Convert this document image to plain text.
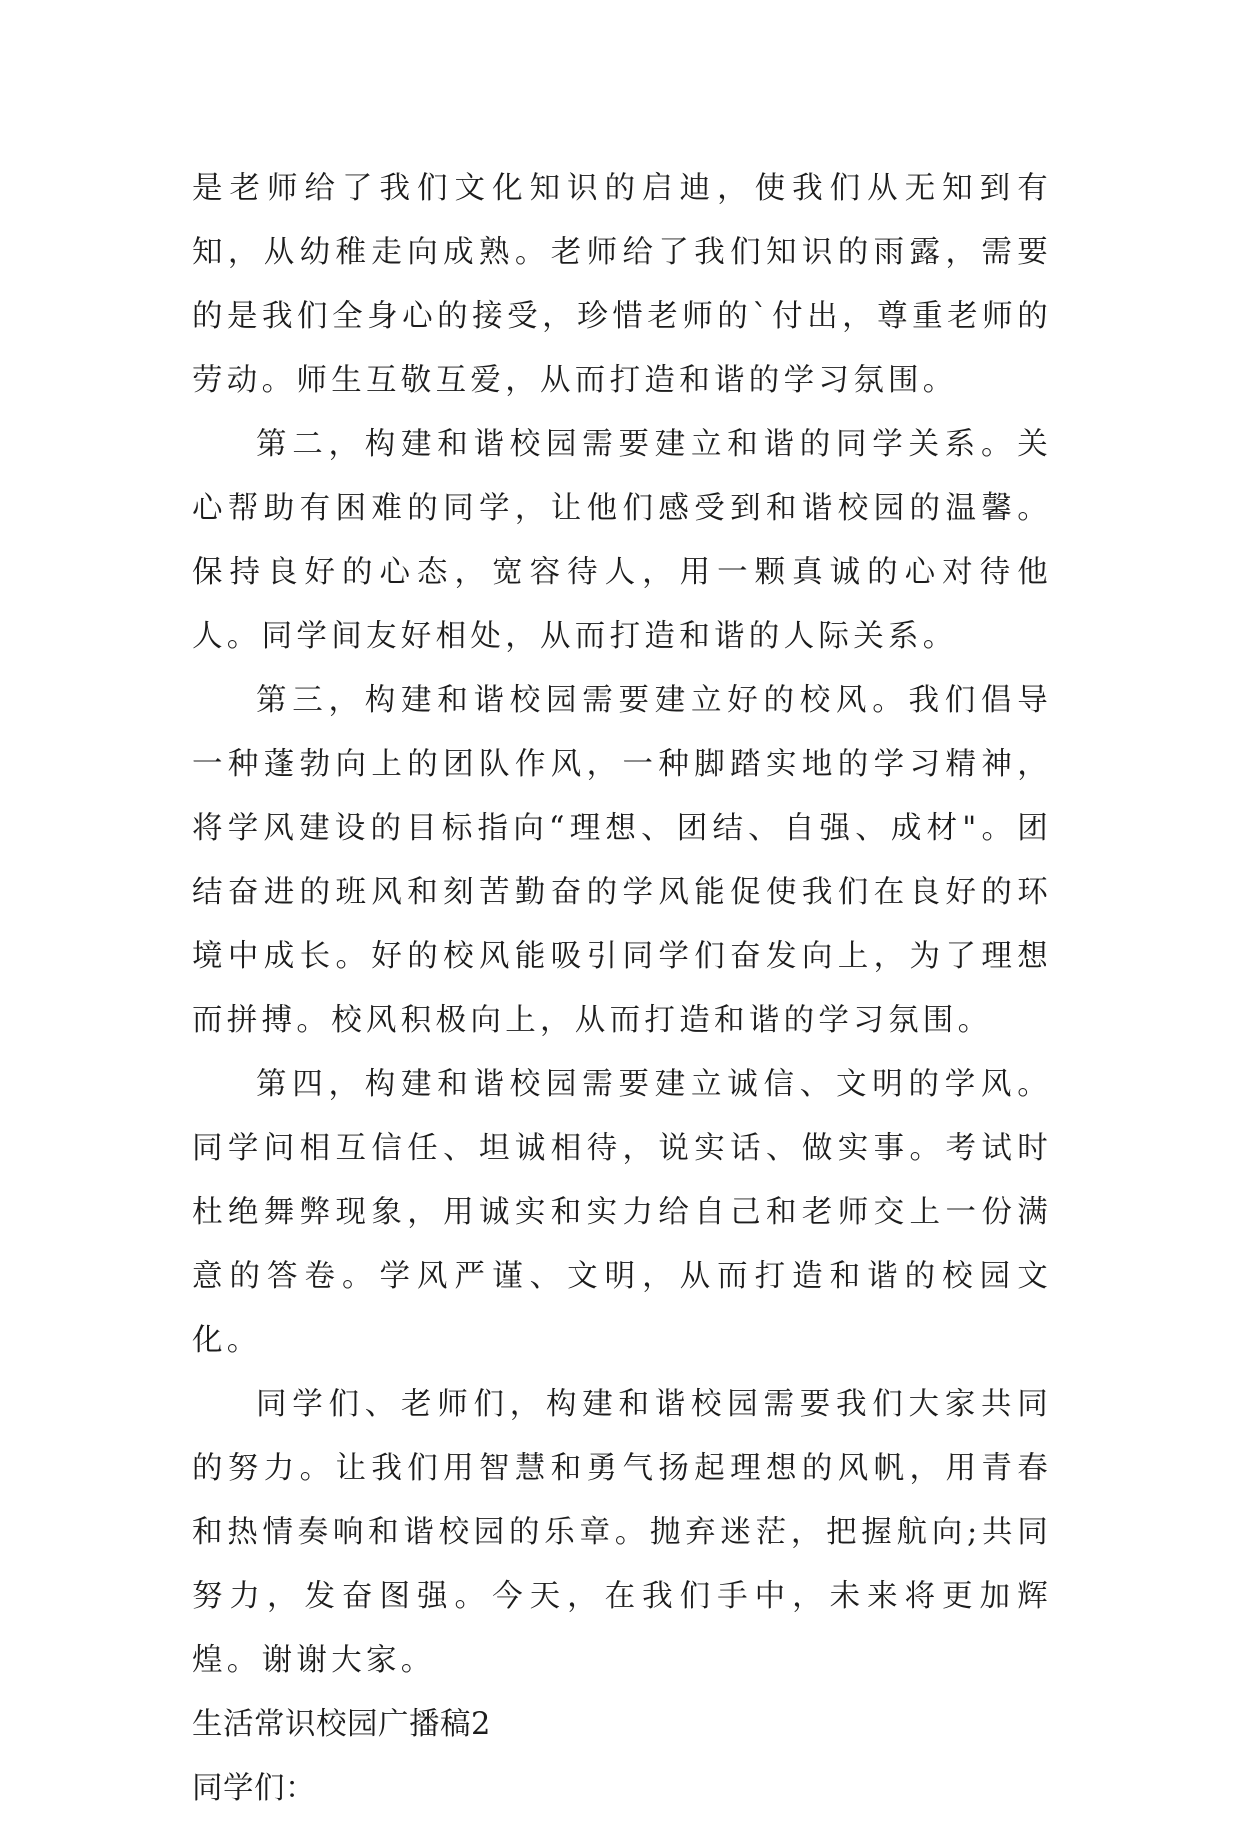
是老师给了我们文化知识的启迪，使我们从无知到有知，从幼稚走向成熟。老师给了我们知识的雨露，需要的是我们全身心的接受，珍惜老师的`付出，尊重老师的劳动。师生互敬互爱，从而打造和谐的学习氛围。

第二，构建和谐校园需要建立和谐的同学关系。关心帮助有困难的同学，让他们感受到和谐校园的温馨。保持良好的心态，宽容待人，用一颗真诚的心对待他人。同学间友好相处，从而打造和谐的人际关系。

第三，构建和谐校园需要建立好的校风。我们倡导一种蓬勃向上的团队作风，一种脚踏实地的学习精神，将学风建设的目标指向“理想、团结、自强、成材"。团结奋进的班风和刻苦勤奋的学风能促使我们在良好的环境中成长。好的校风能吸引同学们奋发向上，为了理想而拼搏。校风积极向上，从而打造和谐的学习氛围。

第四，构建和谐校园需要建立诚信、文明的学风。同学问相互信任、坦诚相待，说实话、做实事。考试时杜绝舞弊现象，用诚实和实力给自己和老师交上一份满意的答卷。学风严谨、文明，从而打造和谐的校园文化。

同学们、老师们，构建和谐校园需要我们大家共同的努力。让我们用智慧和勇气扬起理想的风帆，用青春和热情奏响和谐校园的乐章。抛弃迷茫，把握航向;共同努力，发奋图强。今天，在我们手中，未来将更加辉煌。谢谢大家。

生活常识校园广播稿2

同学们：
